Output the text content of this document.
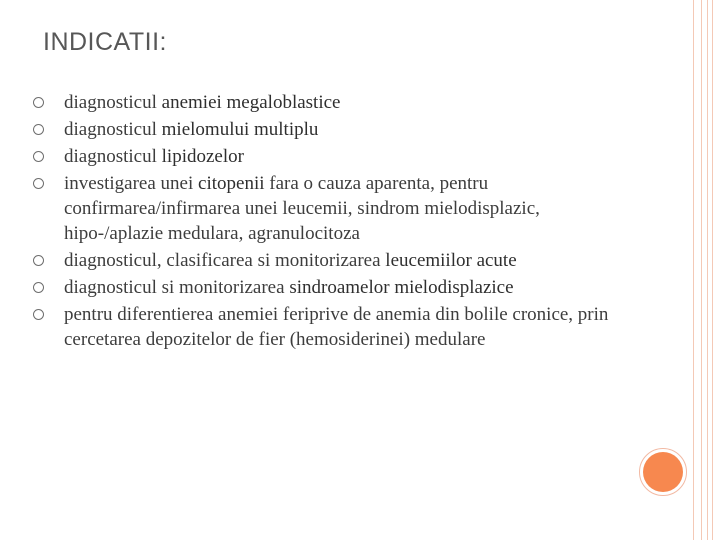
INDICATII:
diagnosticul anemiei megaloblastice
diagnosticul mielomului multiplu
diagnosticul lipidozelor
investigarea unei citopenii fara o cauza aparenta, pentru confirmarea/infirmarea unei leucemii, sindrom mielodisplazic, hipo-/aplazie medulara, agranulocitoza
diagnosticul, clasificarea si monitorizarea leucemiilor acute
diagnosticul si monitorizarea sindroamelor mielodisplazice
pentru diferentierea anemiei feriprive de anemia din bolile cronice, prin cercetarea depozitelor de fier (hemosiderinei) medulare
